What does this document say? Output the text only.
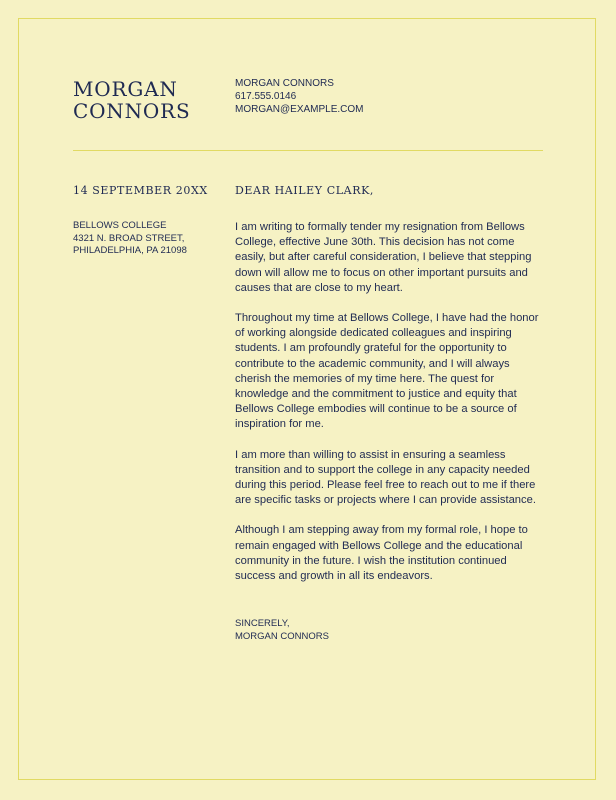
MORGAN
CONNORS
MORGAN CONNORS
617.555.0146
MORGAN@EXAMPLE.COM
14 SEPTEMBER 20XX
BELLOWS COLLEGE
4321 N. BROAD STREET,
PHILADELPHIA, PA 21098
DEAR HAILEY CLARK,

I am writing to formally tender my resignation from Bellows College, effective June 30th. This decision has not come easily, but after careful consideration, I believe that stepping down will allow me to focus on other important pursuits and causes that are close to my heart.

Throughout my time at Bellows College, I have had the honor of working alongside dedicated colleagues and inspiring students. I am profoundly grateful for the opportunity to contribute to the academic community, and I will always cherish the memories of my time here. The quest for knowledge and the commitment to justice and equity that Bellows College embodies will continue to be a source of inspiration for me.

I am more than willing to assist in ensuring a seamless transition and to support the college in any capacity needed during this period. Please feel free to reach out to me if there are specific tasks or projects where I can provide assistance.

Although I am stepping away from my formal role, I hope to remain engaged with Bellows College and the educational community in the future. I wish the institution continued success and growth in all its endeavors.

SINCERELY,
MORGAN CONNORS
